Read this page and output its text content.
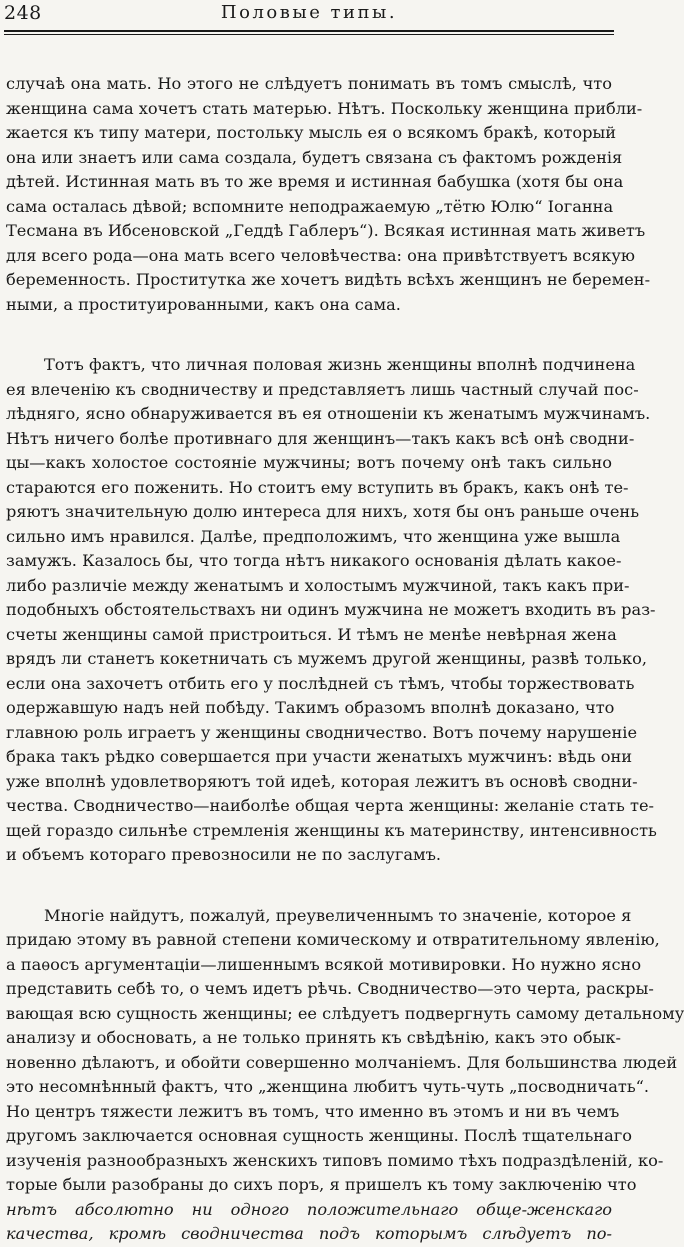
248	Половые типы.
случаѣ она мать. Но этого не слѣдуетъ понимать въ томъ смыслѣ, что
женщина сама хочетъ стать матерью. Нѣтъ. Поскольку женщина прибли-
жается къ типу матери, постольку мысль ея о всякомъ бракѣ, который
она или знаетъ или сама создала, будетъ связана съ фактомъ рожденія
дѣтей. Истинная мать въ то же время и истинная бабушка (хотя бы она
сама осталась дѣвой; вспомните неподражаемую „тётю Юлю“ Іоганна
Тесмана въ Ибсеновской „Геддѣ Габлеръ“). Всякая истинная мать живетъ
для всего рода—она мать всего человѣчества: она привѣтствуетъ всякую
беременность. Проститутка же хочетъ видѣть всѣхъ женщинъ не беремен-
ными, а проституированными, какъ она сама.
Тотъ фактъ, что личная половая жизнь женщины вполнѣ подчинена
ея влеченію къ сводничеству и представляетъ лишь частный случай пос-
лѣдняго, ясно обнаруживается въ ея отношеніи къ женатымъ мужчинамъ.
Нѣтъ ничего болѣе противнаго для женщинъ—такъ какъ всѣ онѣ сводни-
цы—какъ холостое состояніе мужчины; вотъ почему онѣ такъ сильно
стараются его поженить. Но стоитъ ему вступить въ бракъ, какъ онѣ те-
ряютъ значительную долю интереса для нихъ, хотя бы онъ раньше очень
сильно имъ нравился. Далѣе, предположимъ, что женщина уже вышла
замужъ. Казалось бы, что тогда нѣтъ никакого основанія дѣлать какое-
либо различіе между женатымъ и холостымъ мужчиной, такъ какъ при-
подобныхъ обстоятельствахъ ни одинъ мужчина не можетъ входить въ раз-
счеты женщины самой пристроиться. И тѣмъ не менѣе невѣрная жена
врядъ ли станетъ кокетничать съ мужемъ другой женщины, развѣ только,
если она захочетъ отбить его у послѣдней съ тѣмъ, чтобы торжествовать
одержавшую надъ ней побѣду. Такимъ образомъ вполнѣ доказано, что
главною роль играетъ у женщины сводничество. Вотъ почему нарушеніе
брака такъ рѣдко совершается при участи женатыхъ мужчинъ: вѣдь они
уже вполнѣ удовлетворяютъ той идеѣ, которая лежитъ въ основѣ сводни-
чества. Сводничество—наиболѣе общая черта женщины: желаніе стать те-
щей гораздо сильнѣе стремленія женщины къ материнству, интенсивность
и объемъ котораго превозносили не по заслугамъ.
Многіе найдутъ, пожалуй, преувеличеннымъ то значеніе, которое я
придаю этому въ равной степени комическому и отвратительному явленію,
а паѳосъ аргументаціи—лишеннымъ всякой мотивировки. Но нужно ясно
представить себѣ то, о чемъ идетъ рѣчь. Сводничество—это черта, раскры-
вающая всю сущность женщины; ее слѣдуетъ подвергнуть самому детальному
анализу и обосновать, а не только принять къ свѣдѣнію, какъ это обык-
новенно дѣлаютъ, и обойти совершенно молчаніемъ. Для большинства людей
это несомнѣнный фактъ, что „женщина любитъ чуть-чуть „посводничать“.
Но центръ тяжести лежитъ въ томъ, что именно въ этомъ и ни въ чемъ
другомъ заключается основная сущность женщины. Послѣ тщательнаго
изученія разнообразныхъ женскихъ типовъ помимо тѣхъ подраздѣленій, ко-
торые были разобраны до сихъ поръ, я пришелъ къ тому заключенію что
нѣтъ абсолютно ни одного положительнаго обще-женскаго
качества, кромѣ сводничества подъ которымъ слѣдуетъ по-
